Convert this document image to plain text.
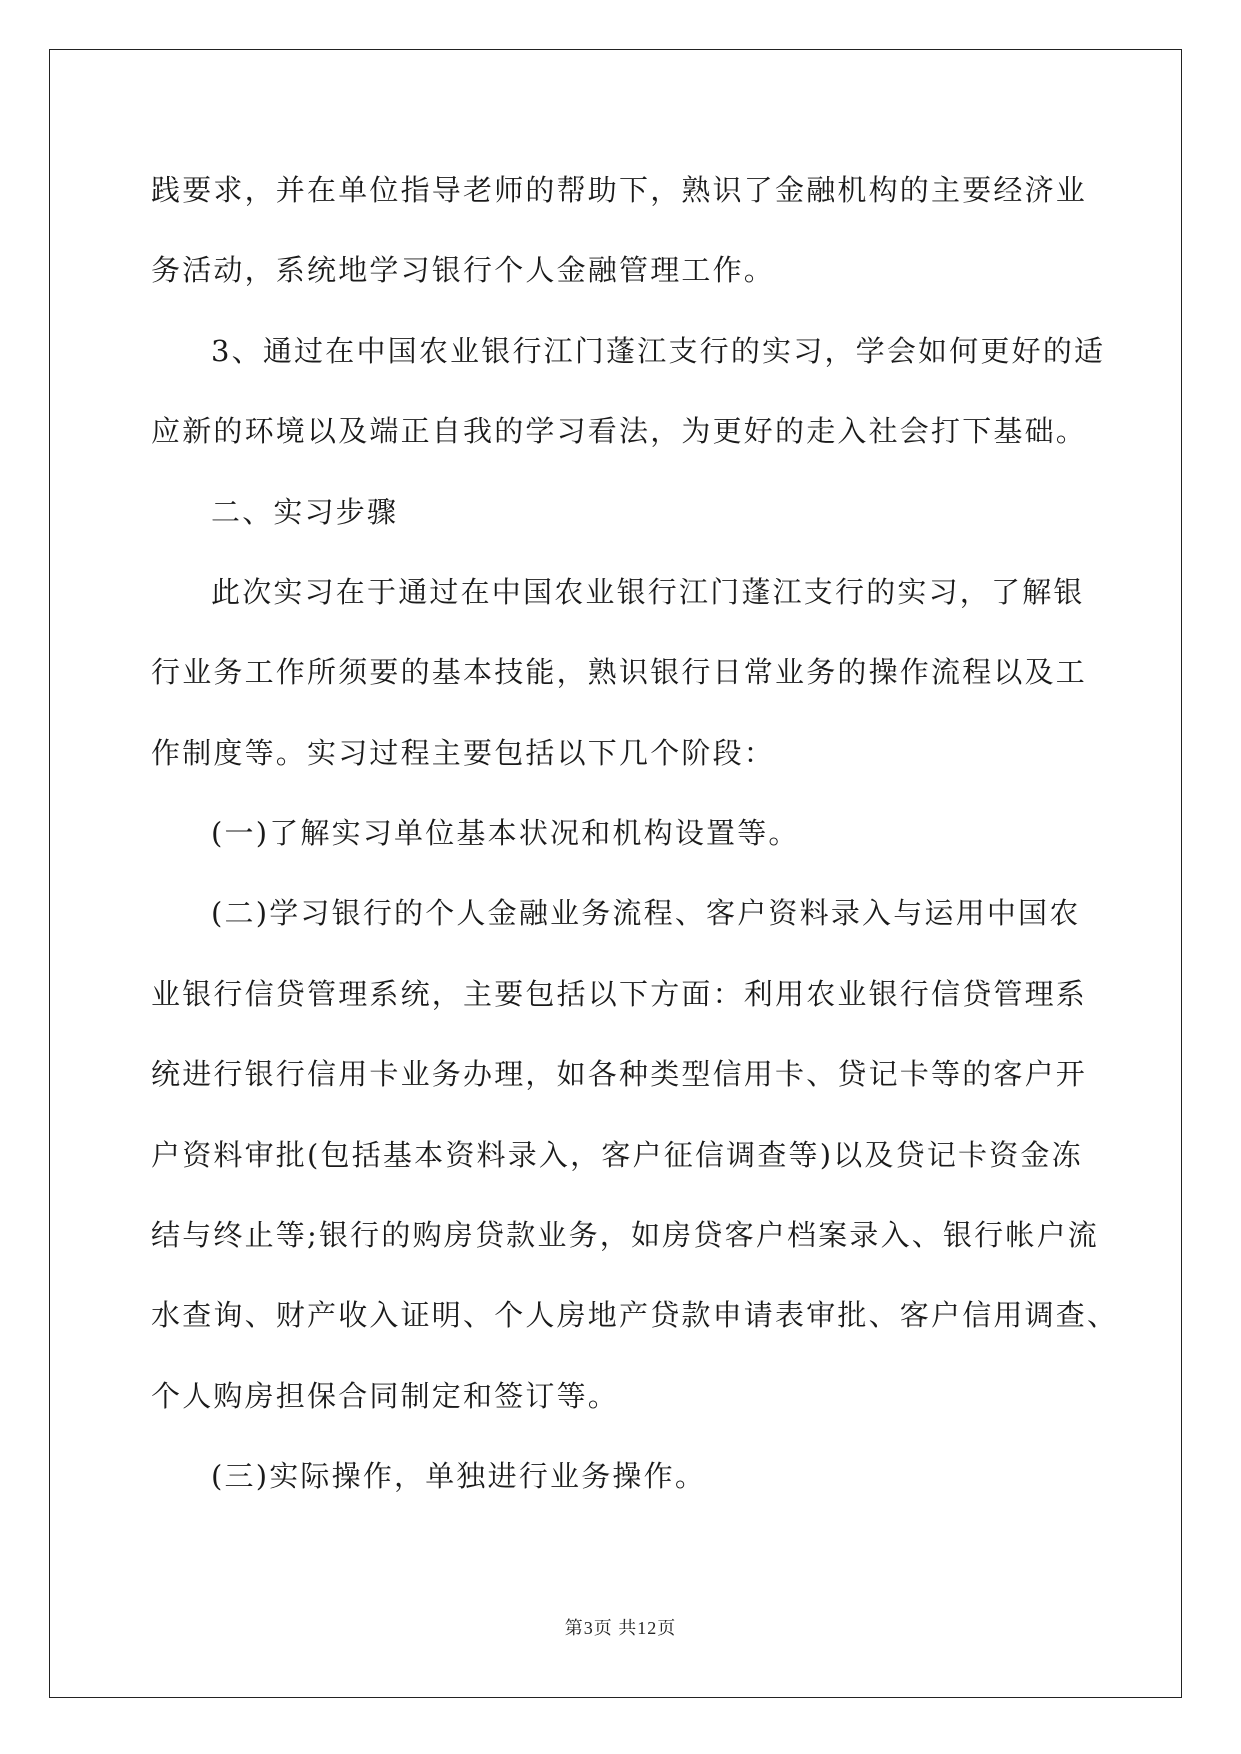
践要求，并在单位指导老师的帮助下，熟识了金融机构的主要经济业
务活动，系统地学习银行个人金融管理工作。
3、通过在中国农业银行江门蓬江支行的实习，学会如何更好的适
应新的环境以及端正自我的学习看法，为更好的走入社会打下基础。
二、实习步骤
此次实习在于通过在中国农业银行江门蓬江支行的实习，了解银
行业务工作所须要的基本技能，熟识银行日常业务的操作流程以及工
作制度等。实习过程主要包括以下几个阶段：
(一)了解实习单位基本状况和机构设置等。
(二)学习银行的个人金融业务流程、客户资料录入与运用中国农
业银行信贷管理系统，主要包括以下方面：利用农业银行信贷管理系
统进行银行信用卡业务办理，如各种类型信用卡、贷记卡等的客户开
户资料审批(包括基本资料录入，客户征信调查等)以及贷记卡资金冻
结与终止等;银行的购房贷款业务，如房贷客户档案录入、银行帐户流
水查询、财产收入证明、个人房地产贷款申请表审批、客户信用调查、
个人购房担保合同制定和签订等。
(三)实际操作，单独进行业务操作。
第3页 共12页
